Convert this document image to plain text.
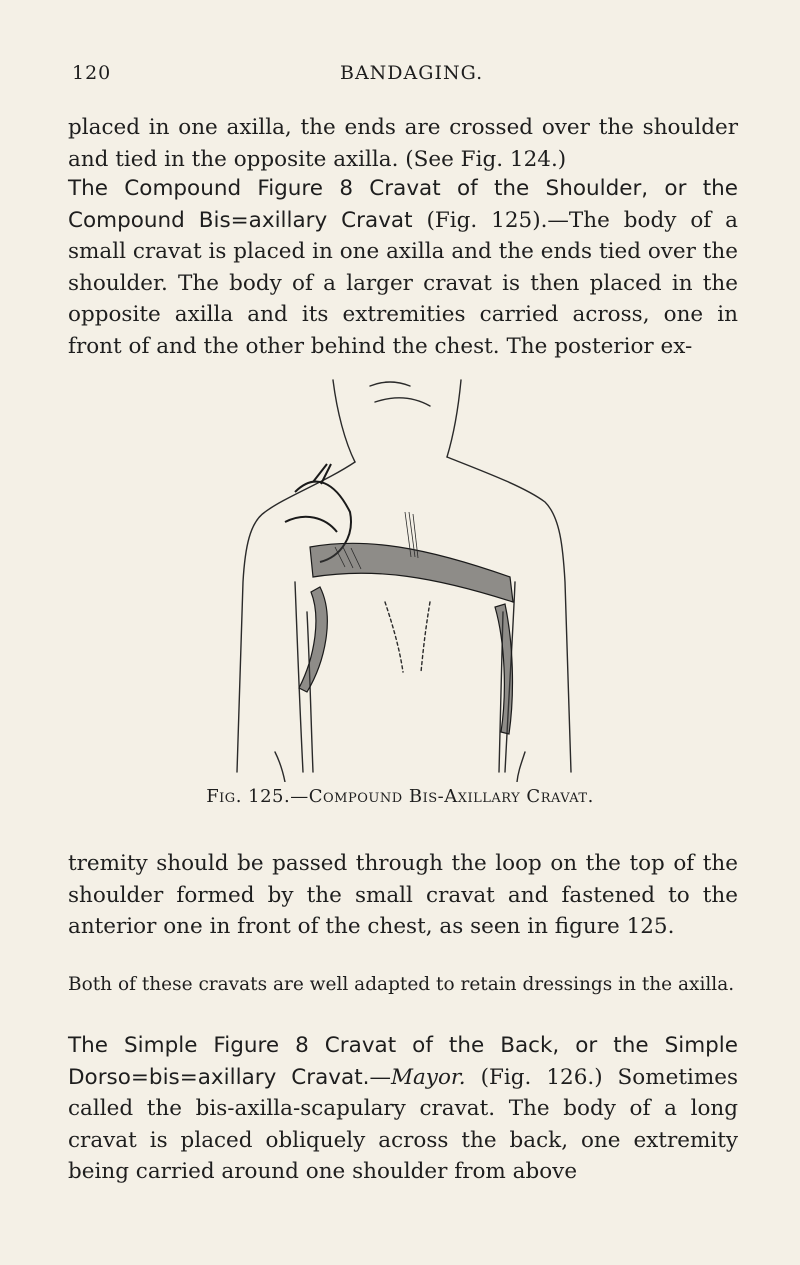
120	BANDAGING.

placed in one axilla, the ends are crossed over the shoulder and tied in the opposite axilla. (See Fig. 124.)

The Compound Figure 8 Cravat of the Shoulder, or the Compound Bis=axillary Cravat (Fig. 125).—The body of a small cravat is placed in one axilla and the ends tied over the shoulder. The body of a larger cravat is then placed in the opposite axilla and its extremities carried across, one in front of and the other behind the chest. The posterior ex-

Fig. 125.—Compound Bis-Axillary Cravat.

tremity should be passed through the loop on the top of the shoulder formed by the small cravat and fastened to the anterior one in front of the chest, as seen in figure 125.

Both of these cravats are well adapted to retain dressings in the axilla.

The Simple Figure 8 Cravat of the Back, or the Simple Dorso=bis=axillary Cravat.—Mayor. (Fig. 126.) Sometimes called the bis-axilla-scapulary cravat. The body of a long cravat is placed obliquely across the back, one extremity being carried around one shoulder from above
